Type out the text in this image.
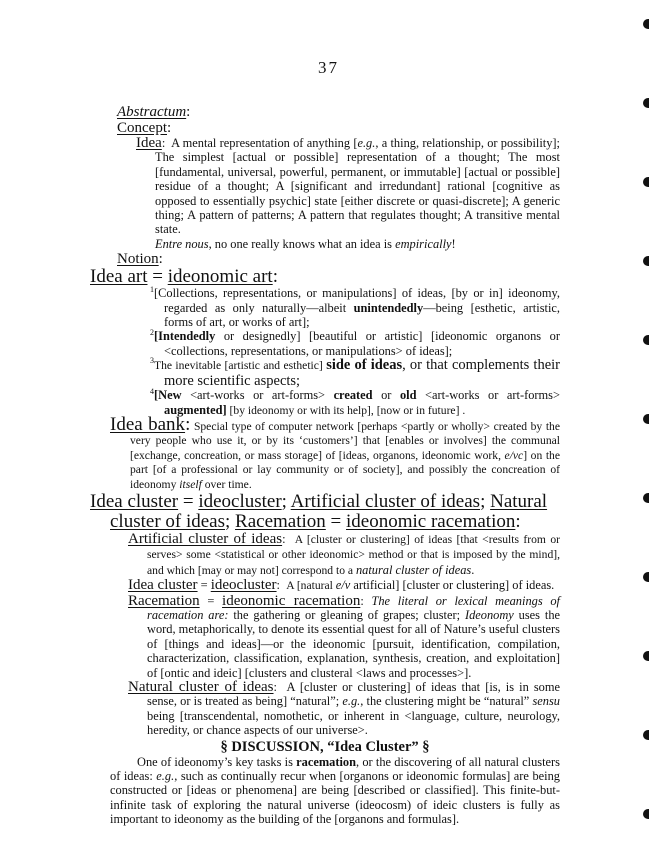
37
Abstractum:
Concept:
Idea:  A mental representation of anything [e.g., a thing, relationship, or possibility]; The simplest [actual or possible] representation of a thought; The most [fundamental, universal, powerful, permanent, or immutable] [actual or possible] residue of a thought; A [significant and irredundant] rational [cognitive as opposed to essentially psychic] state [either discrete or quasi-discrete]; A generic thing; A pattern of patterns; A pattern that regulates thought; A transitive mental state.
Entre nous, no one really knows what an idea is empirically!
Notion:
Idea art = ideonomic art:
$^1$[Collections, representations, or manipulations] of ideas, [by or in] ideonomy, regarded as only naturally—albeit unintendedly—being [esthetic, artistic, forms of art, or works of art];
$^2$[Intendedly or designedly] [beautiful or artistic] [ideonomic organons or <collections, representations, or manipulations> of ideas];
$^3$The inevitable [artistic and esthetic] side of ideas, or that complements their more scientific aspects;
$^4$[New <art-works or art-forms> created or old <art-works or art-forms> augmented] [by ideonomy or with its help], [now or in future] .
Idea bank: Special type of computer network [perhaps <partly or wholly> created by the very people who use it, or by its ‘customers’] that [enables or involves] the communal [exchange, concreation, or mass storage] of [ideas, organons, ideonomic work, e/vc] on the part [of a professional or lay community or of society], and possibly the concreation of ideonomy itself over time.
Idea cluster = ideocluster; Artificial cluster of ideas; Natural cluster of ideas; Racemation = ideonomic racemation:
Artificial cluster of ideas:  A [cluster or clustering] of ideas [that <results from or serves> some <statistical or other ideonomic> method or that is imposed by the mind], and which [may or may not] correspond to a natural cluster of ideas.
Idea cluster = ideocluster:  A [natural e/v artificial] [cluster or clustering] of ideas.
Racemation = ideonomic racemation: The literal or lexical meanings of racemation are: the gathering or gleaning of grapes; cluster; Ideonomy uses the word, metaphorically, to denote its essential quest for all of Nature’s useful clusters of [things and ideas]—or the ideonomic [pursuit, identification, compilation, characterization, classification, explanation, synthesis, creation, and exploitation] of [ontic and ideic] [clusters and clusteral <laws and processes>].
Natural cluster of ideas:  A [cluster or clustering] of ideas that [is, is in some sense, or is treated as being] “natural”; e.g., the clustering might be “natural” sensu being [transcendental, nomothetic, or inherent in <language, culture, neurology, heredity, or chance aspects of our universe>.
§ DISCUSSION, “Idea Cluster” §
One of ideonomy’s key tasks is racemation, or the discovering of all natural clusters of ideas: e.g., such as continually recur when [organons or ideonomic formulas] are being constructed or [ideas or phenomena] are being [described or classified]. This finite-but-infinite task of exploring the natural universe (ideocosm) of ideic clusters is fully as important to ideonomy as the building of the [organons and formulas].
